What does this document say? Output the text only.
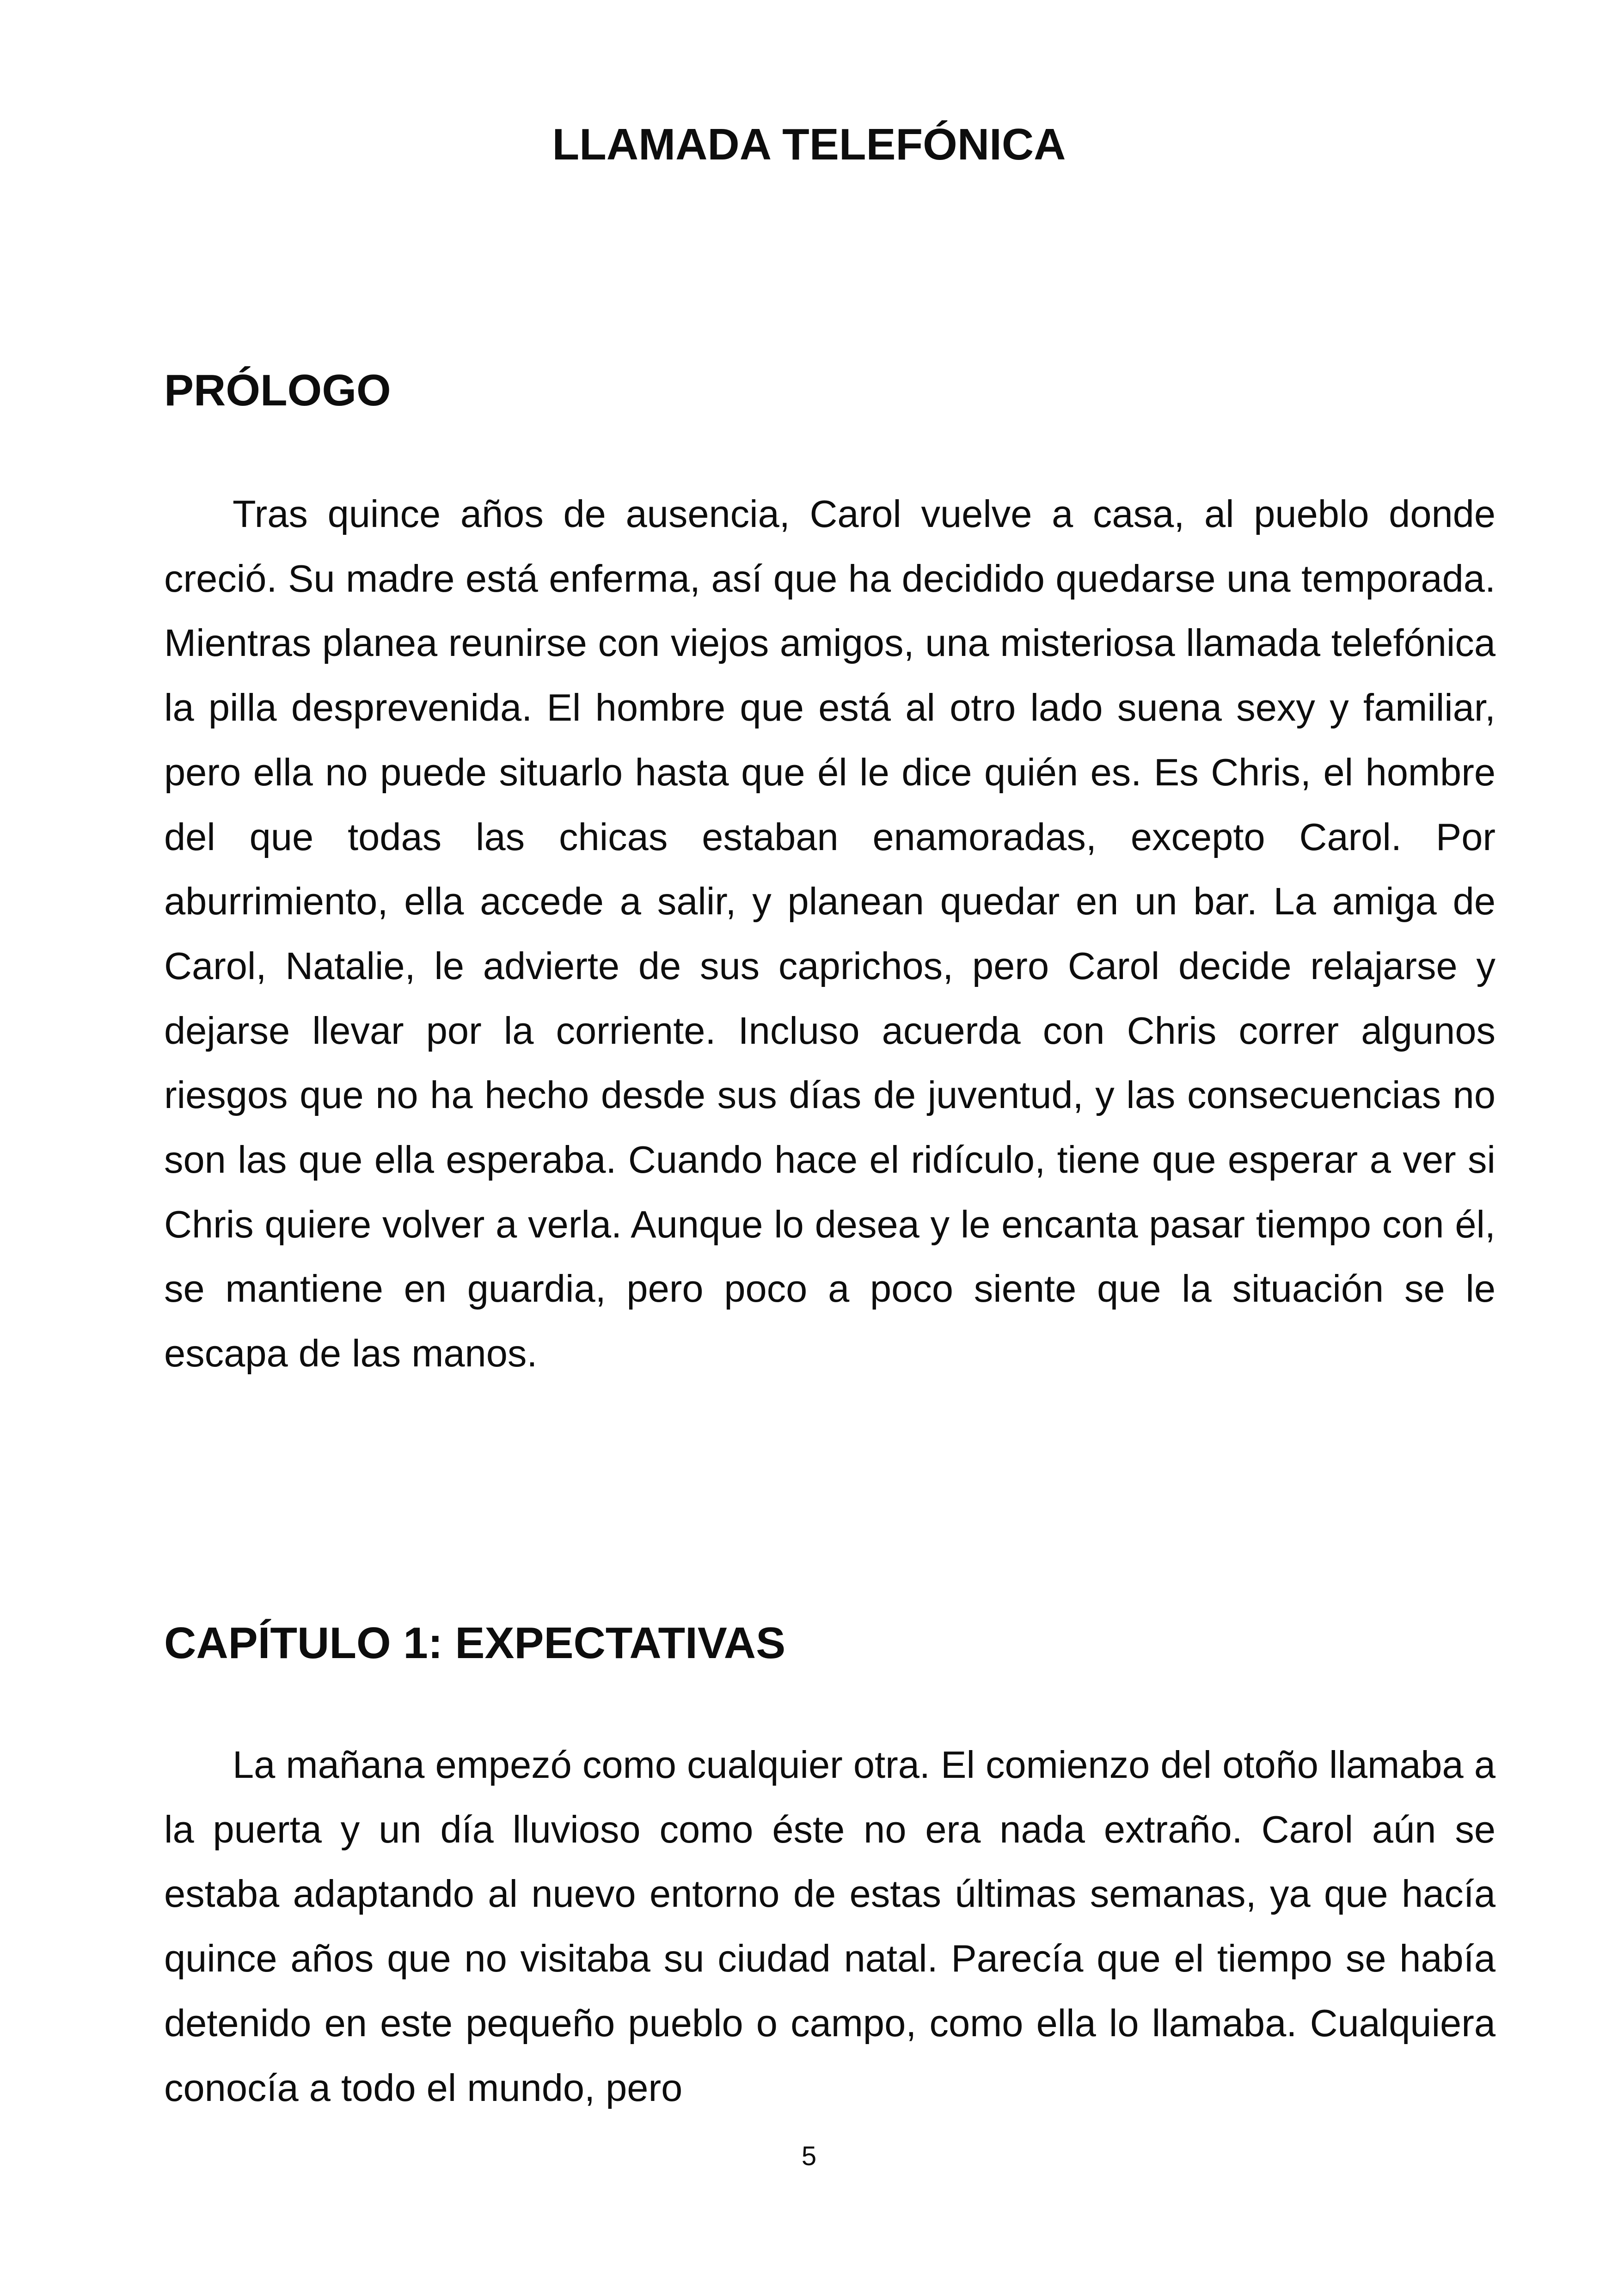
LLAMADA TELEFÓNICA
PRÓLOGO

Tras quince años de ausencia, Carol vuelve a casa, al pueblo donde creció. Su madre está enferma, así que ha decidido quedarse una temporada. Mientras planea reunirse con viejos amigos, una misteriosa llamada telefónica la pilla desprevenida. El hombre que está al otro lado suena sexy y familiar, pero ella no puede situarlo hasta que él le dice quién es. Es Chris, el hombre del que todas las chicas estaban enamoradas, excepto Carol. Por aburrimiento, ella accede a salir, y planean quedar en un bar. La amiga de Carol, Natalie, le advierte de sus caprichos, pero Carol decide relajarse y dejarse llevar por la corriente. Incluso acuerda con Chris correr algunos riesgos que no ha hecho desde sus días de juventud, y las consecuencias no son las que ella esperaba. Cuando hace el ridículo, tiene que esperar a ver si Chris quiere volver a verla. Aunque lo desea y le encanta pasar tiempo con él, se mantiene en guardia, pero poco a poco siente que la situación se le escapa de las manos.

CAPÍTULO 1: EXPECTATIVAS

La mañana empezó como cualquier otra. El comienzo del otoño llamaba a la puerta y un día lluvioso como éste no era nada extraño. Carol aún se estaba adaptando al nuevo entorno de estas últimas semanas, ya que hacía quince años que no visitaba su ciudad natal. Parecía que el tiempo se había detenido en este pequeño pueblo o campo, como ella lo llamaba. Cualquiera conocía a todo el mundo, pero

5
